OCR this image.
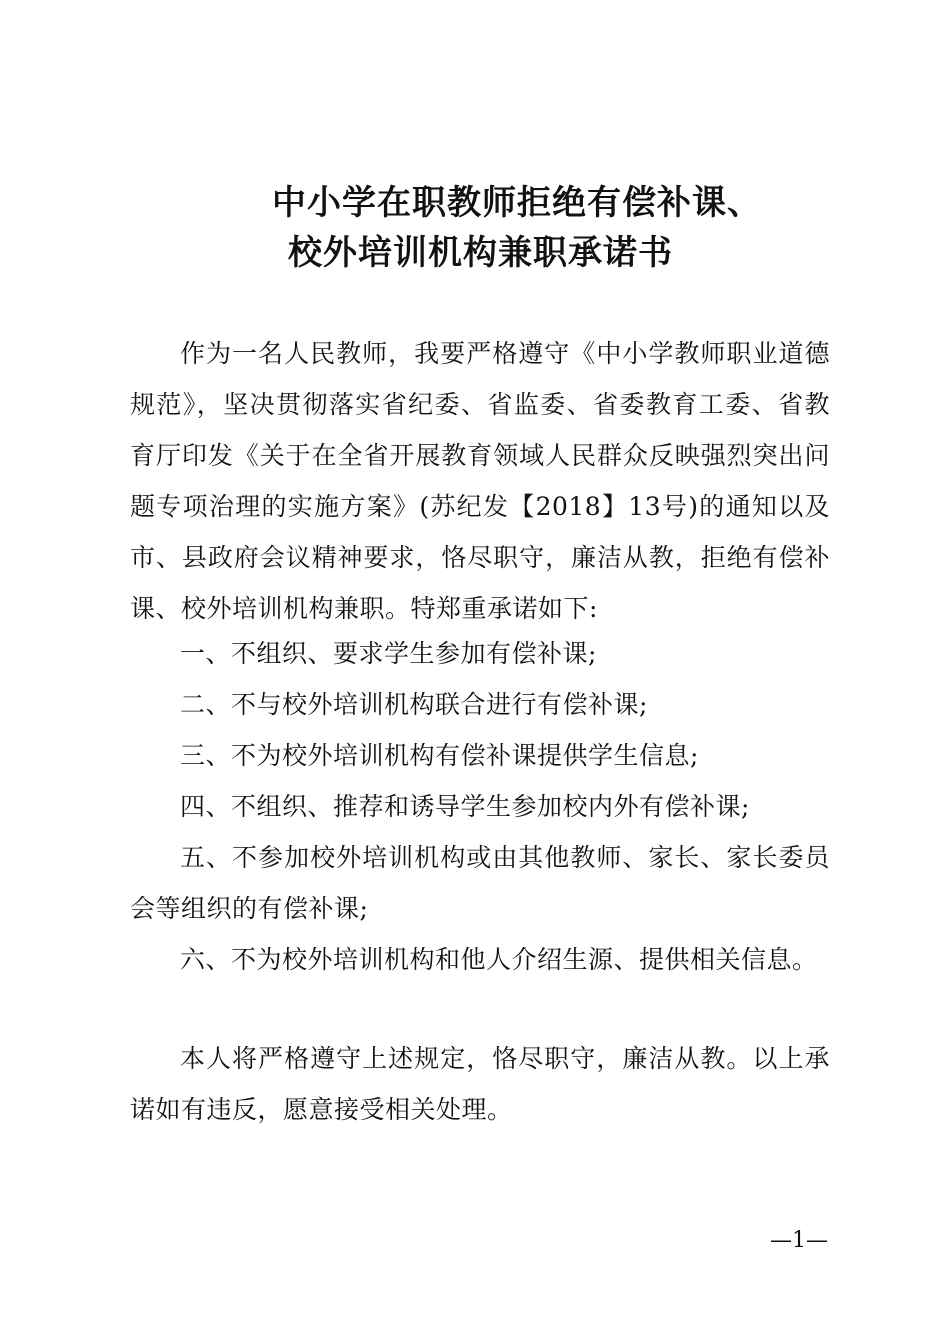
中小学在职教师拒绝有偿补课、
校外培训机构兼职承诺书

作为一名人民教师，我要严格遵守《中小学教师职业道德规范》，坚决贯彻落实省纪委、省监委、省委教育工委、省教育厅印发《关于在全省开展教育领域人民群众反映强烈突出问题专项治理的实施方案》(苏纪发【2018】13号)的通知以及市、县政府会议精神要求，恪尽职守，廉洁从教，拒绝有偿补课、校外培训机构兼职。特郑重承诺如下:

一、不组织、要求学生参加有偿补课;

二、不与校外培训机构联合进行有偿补课;

三、不为校外培训机构有偿补课提供学生信息;

四、不组织、推荐和诱导学生参加校内外有偿补课;

五、不参加校外培训机构或由其他教师、家长、家长委员会等组织的有偿补课;

六、不为校外培训机构和他人介绍生源、提供相关信息。

本人将严格遵守上述规定，恪尽职守，廉洁从教。以上承诺如有违反，愿意接受相关处理。

—1—
